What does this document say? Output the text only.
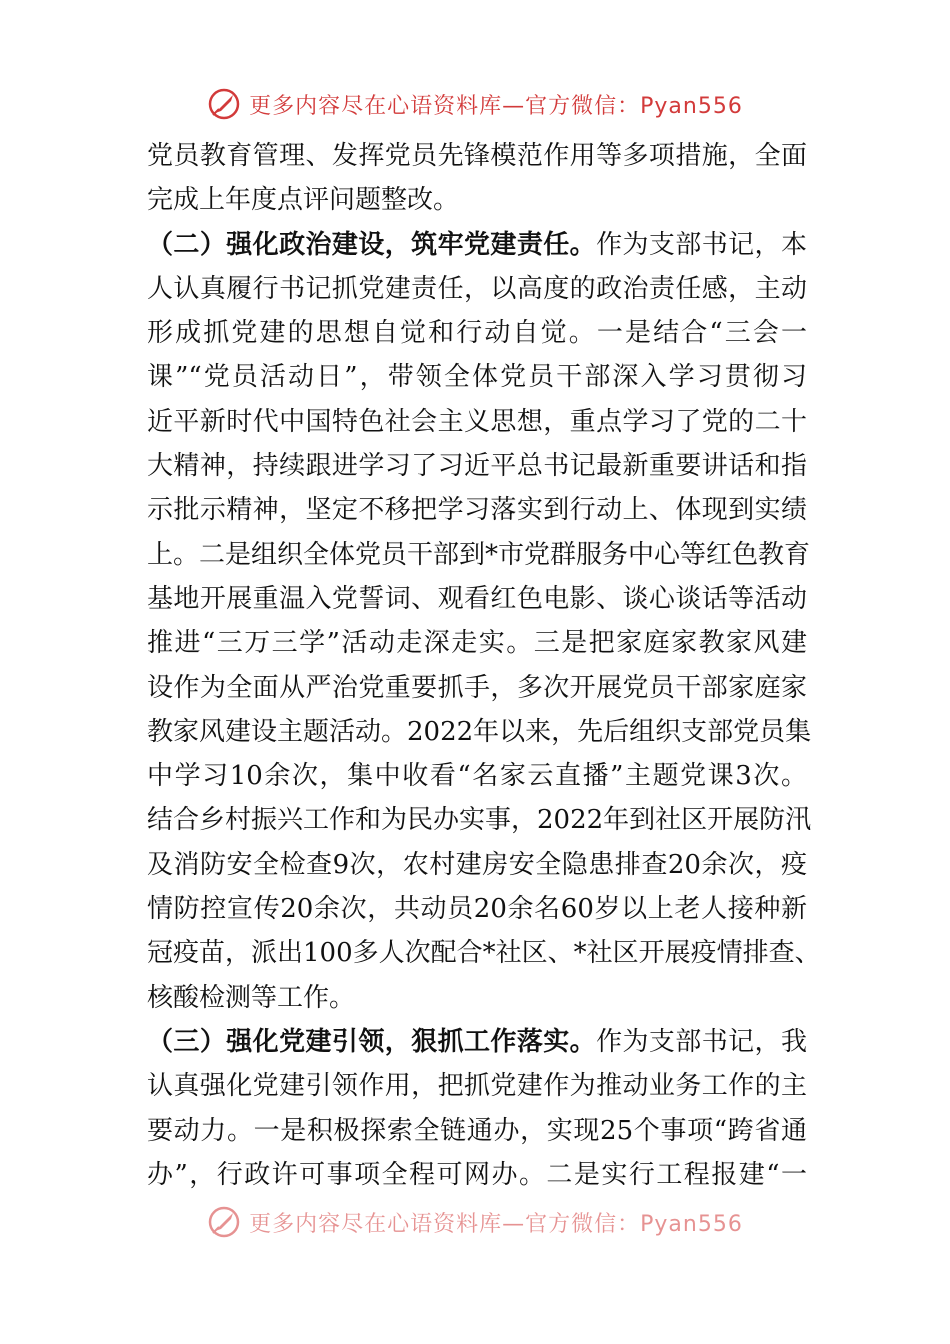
更多内容尽在心语资料库—官方微信：Pyan556
党员教育管理、发挥党员先锋模范作用等多项措施，全面
完成上年度点评问题整改。
（二）强化政治建设，筑牢党建责任。作为支部书记，本
人认真履行书记抓党建责任，以高度的政治责任感，主动
形成抓党建的思想自觉和行动自觉。一是结合“三会一
课”“党员活动日”，带领全体党员干部深入学习贯彻习
近平新时代中国特色社会主义思想，重点学习了党的二十
大精神，持续跟进学习了习近平总书记最新重要讲话和指
示批示精神，坚定不移把学习落实到行动上、体现到实绩
上。二是组织全体党员干部到*市党群服务中心等红色教育
基地开展重温入党誓词、观看红色电影、谈心谈话等活动
推进“三万三学”活动走深走实。三是把家庭家教家风建
设作为全面从严治党重要抓手，多次开展党员干部家庭家
教家风建设主题活动。2022年以来，先后组织支部党员集
中学习10余次，集中收看“名家云直播”主题党课3次。
结合乡村振兴工作和为民办实事，2022年到社区开展防汛
及消防安全检查9次，农村建房安全隐患排查20余次，疫
情防控宣传20余次，共动员20余名60岁以上老人接种新
冠疫苗，派出100多人次配合*社区、*社区开展疫情排查、
核酸检测等工作。
（三）强化党建引领，狠抓工作落实。作为支部书记，我
认真强化党建引领作用，把抓党建作为推动业务工作的主
要动力。一是积极探索全链通办，实现25个事项“跨省通
办”，行政许可事项全程可网办。二是实行工程报建“一
更多内容尽在心语资料库—官方微信：Pyan556
